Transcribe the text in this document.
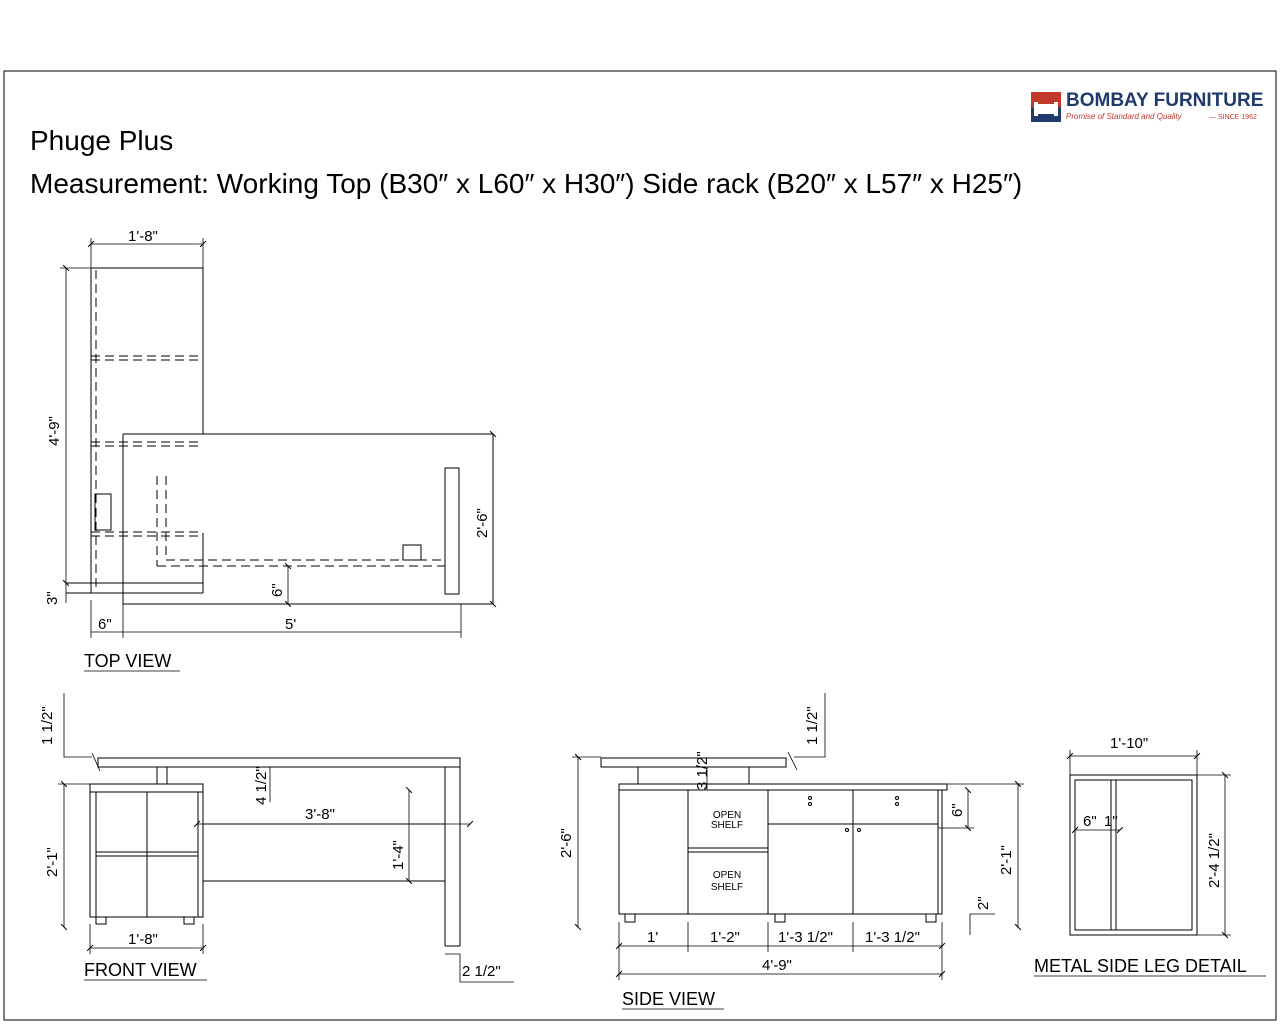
BOMBAY FURNITURE
Promise of Standard and Quality	— SINCE 1962
Phuge Plus
Measurement: Working Top (B30″ x L60″ x H30″) Side rack (B20″ x L57″ x H25″)
1'-8"
4'-9"
3"
2'-6"
6"
6"	5'
TOP VIEW
1 1/2"
4 1/2"
3'-8"
1'-4"
2'-1"
1'-8"
2 1/2"
FRONT VIEW
OPEN
SHELF
OPEN
SHELF
1 1/2"
3 1/2"
2'-6"
6"
2'-1"
2"
1'	1'-2"	1'-3 1/2" 1'-3 1/2"
4'-9"
SIDE VIEW
1'-10"
2'-4 1/2"
6" 1"
METAL SIDE LEG DETAIL
